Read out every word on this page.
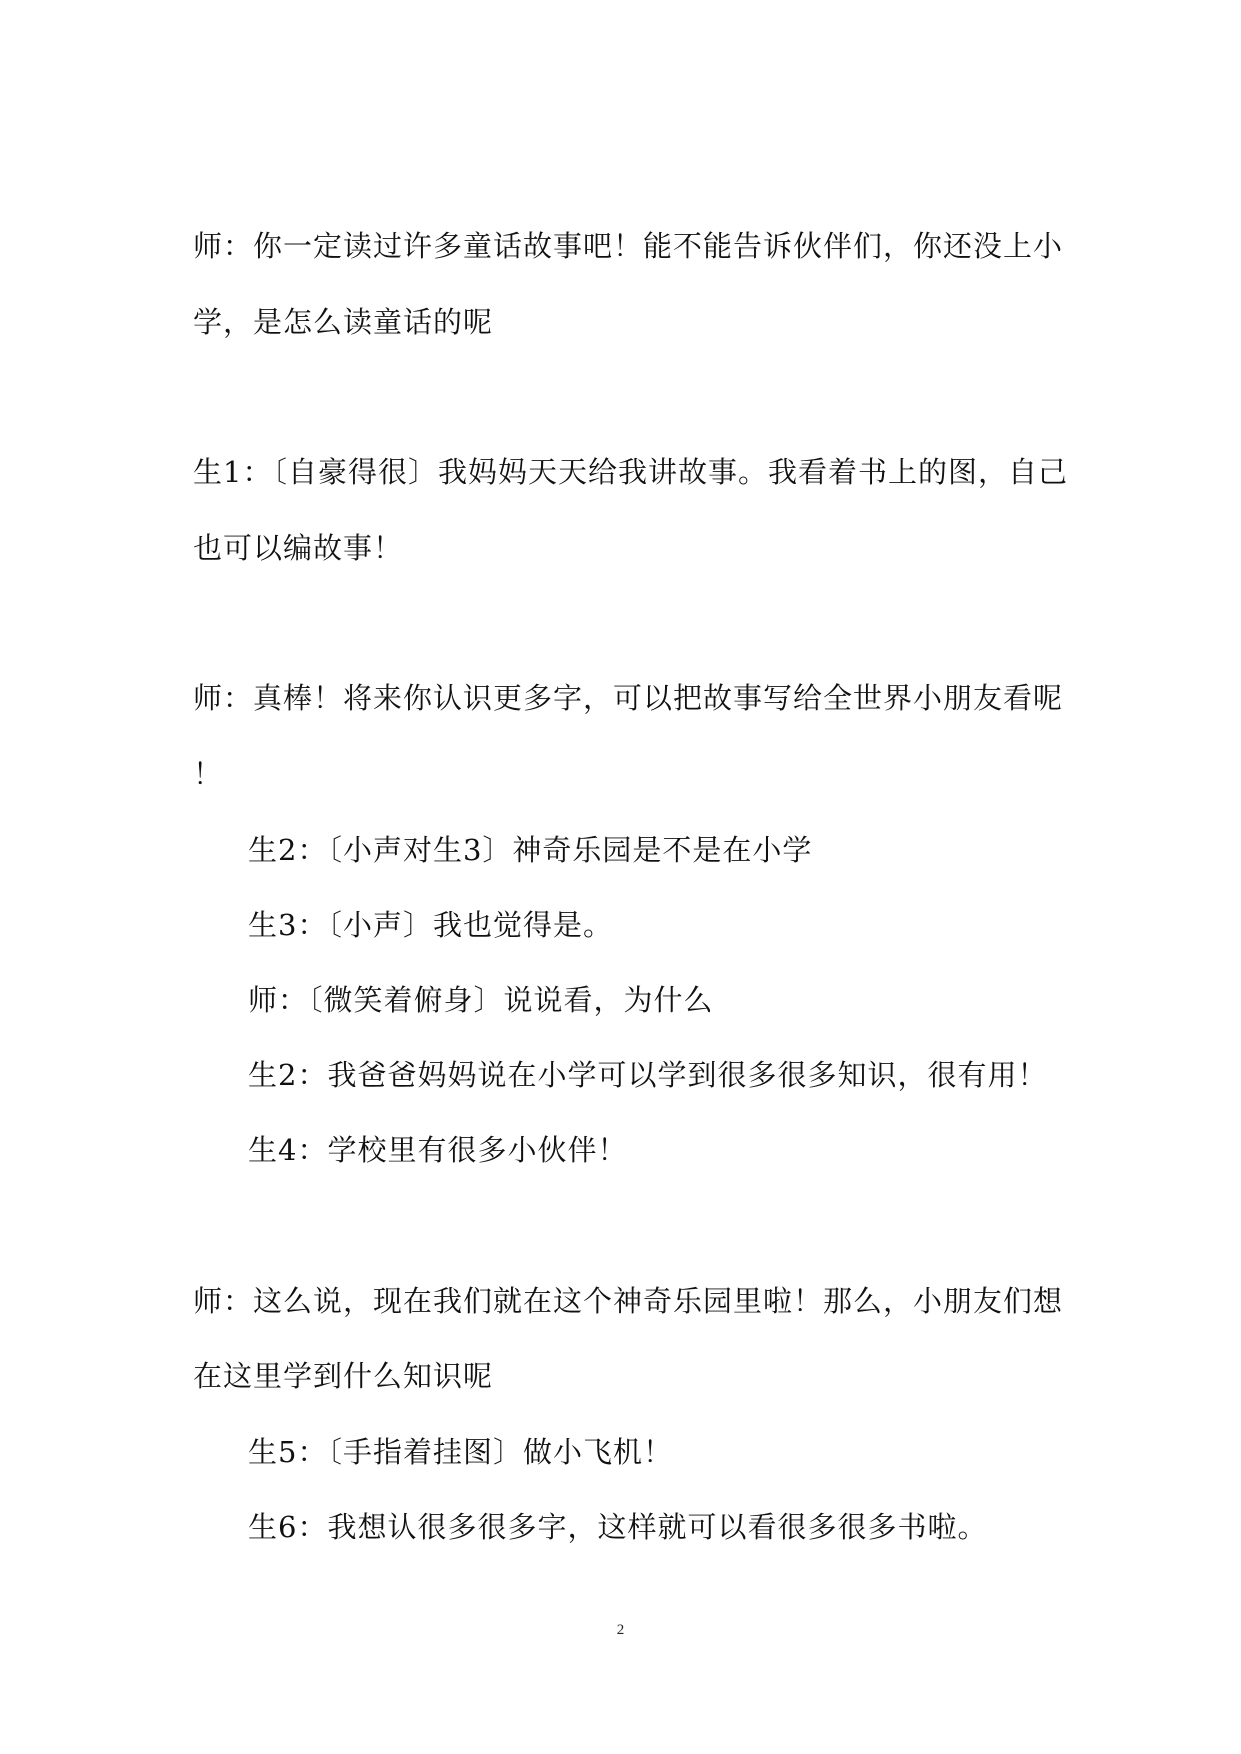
师：你一定读过许多童话故事吧！能不能告诉伙伴们，你还没上小
学，是怎么读童话的呢
生1：〔自豪得很〕我妈妈天天给我讲故事。我看着书上的图，自己
也可以编故事！
师：真棒！将来你认识更多字，可以把故事写给全世界小朋友看呢
！
生2：〔小声对生3〕神奇乐园是不是在小学
生3：〔小声〕我也觉得是。
师：〔微笑着俯身〕说说看，为什么
生2：我爸爸妈妈说在小学可以学到很多很多知识，很有用！
生4：学校里有很多小伙伴！
师：这么说，现在我们就在这个神奇乐园里啦！那么，小朋友们想
在这里学到什么知识呢
生5：〔手指着挂图〕做小飞机！
生6：我想认很多很多字，这样就可以看很多很多书啦。
2
